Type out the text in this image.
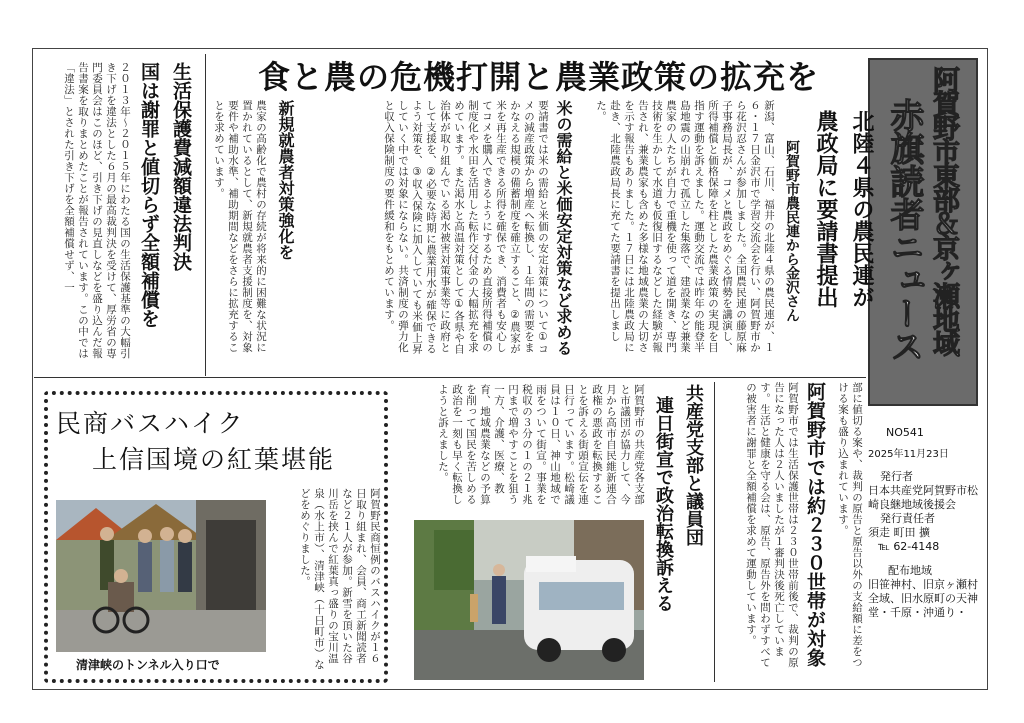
阿賀野市東部＆京ヶ瀬地域
赤旗読者ニュース
NO541
2025年11月23日
発行者
日本共産党阿賀野市松崎良継地域後援会
発行責任者
須走 町田 擴
℡ 62-4148
配布地域
旧笹神村、旧京ヶ瀬村全域、旧水原町の天神堂・千原・沖通り・
食と農の危機打開と農業政策の拡充を
北陸４県の農民連が
農政局に要請書提出
阿賀野市農民連から金沢さん
新潟、富山、石川、福井の北陸４県の農民連が、１６・１７日金沢市で学習交流会を行い、阿賀野市から花沢忍さんが参加しました。全国農民連の藤原麻子事務局長が、コメと農政をめぐる情勢を講演し、所得補償と価格保障を柱とした農業政策の実現を目指す運動を訴えました。運動交流では昨年の能登半島地震の山崩れで孤立した集落で、建設業など兼業農家の人たちが自力で重機を使って道を開き、専門技術を生かして水道も仮復旧するなどした経験が報告され、兼業農家も含めた多様な地域農業の大切さを示す報告もありました。１７日には北陸農政局に赴き、北陸農政局長に充てた要請書を提出しました。
米の需給と米価安定対策など求める
要請書では米の需給と米価の安定対策について①コメの減産政策から増産へ転換し、１年間の需要をまかなえる規模の備蓄制度を確立すること、②農家が米を再生産できる所得を確保でき、消費者も安心してコメを購入できるようにするため直接所得補償の制度化や水田を活用した転作交付金の大幅拡充を求めています。また渇水と高温対策として①各県や自治体が取り組んでいる渇水被害対策事業等に政府として支援を、②必要な時期に農業用水が確保できるよう対策を、③収入保険に加入していても米価上昇していく中では対象にならない。共済制度の弾力化と収入保険制度の要件緩和をもとめています。
新規就農者対策強化を
農家の高齢化で農村の存続が将来的に困難な状況に置かれているとして、新規就農者支援制度を、対象要件や補助水準、補助期間などをさらに拡充することを求めています。
生活保護費減額違法判決
国は謝罪と値切らず全額補償を
２０１３年〜２０１５年にわたる国の生活保護基準の大幅引き下げを違法とした６月の最高裁判決を受けて、厚労省の専門委員会はこのほど、引き下げの見直しなどを盛り込んだ報告書案を取りまとめたことが報告されています。この中では「違法」とされた引き下げを全額補償せず、一
阿賀野市では約２３０世帯が対象
阿賀野市では生活保護世帯は２３０世帯前後で、裁判の原告になった人は２人いましたが１審判決後死亡しています。生活と健康を守る会は、原告、原告外を問わずすべての被害者に謝罪と全額補償を求めて運動しています。	部に値切る案や、裁判の原告と原告以外の支給額に差をつける案も盛り込まれています。
共産党支部と議員団
連日街宣で政治転換訴える
阿賀野市の共産党各支部と市議団が協力して、今月から高市自民維新連合政権の悪政を転換することを訴える街頭宣伝を連日行っています。松崎議員は１０日、神山地域で雨をついて街宣。事業を税収の３分の１の２１兆円まで増やすことを狙う一方、介護、医療、教育、地域農業などの予算を削って国民を苦しめる政治を一刻も早く転換しようと訴えました。
民商バスハイク
上信国境の紅葉堪能
阿賀野民商恒例のバスハイクが１６日取り組まれ、会員、商工新聞読者など２１人が参加。新雪を頂いた谷川岳を挟んで紅葉真っ盛りの宝川温泉（水上市）、清津峡（十日町市）などをめぐりました。
清津峡のトンネル入り口で
